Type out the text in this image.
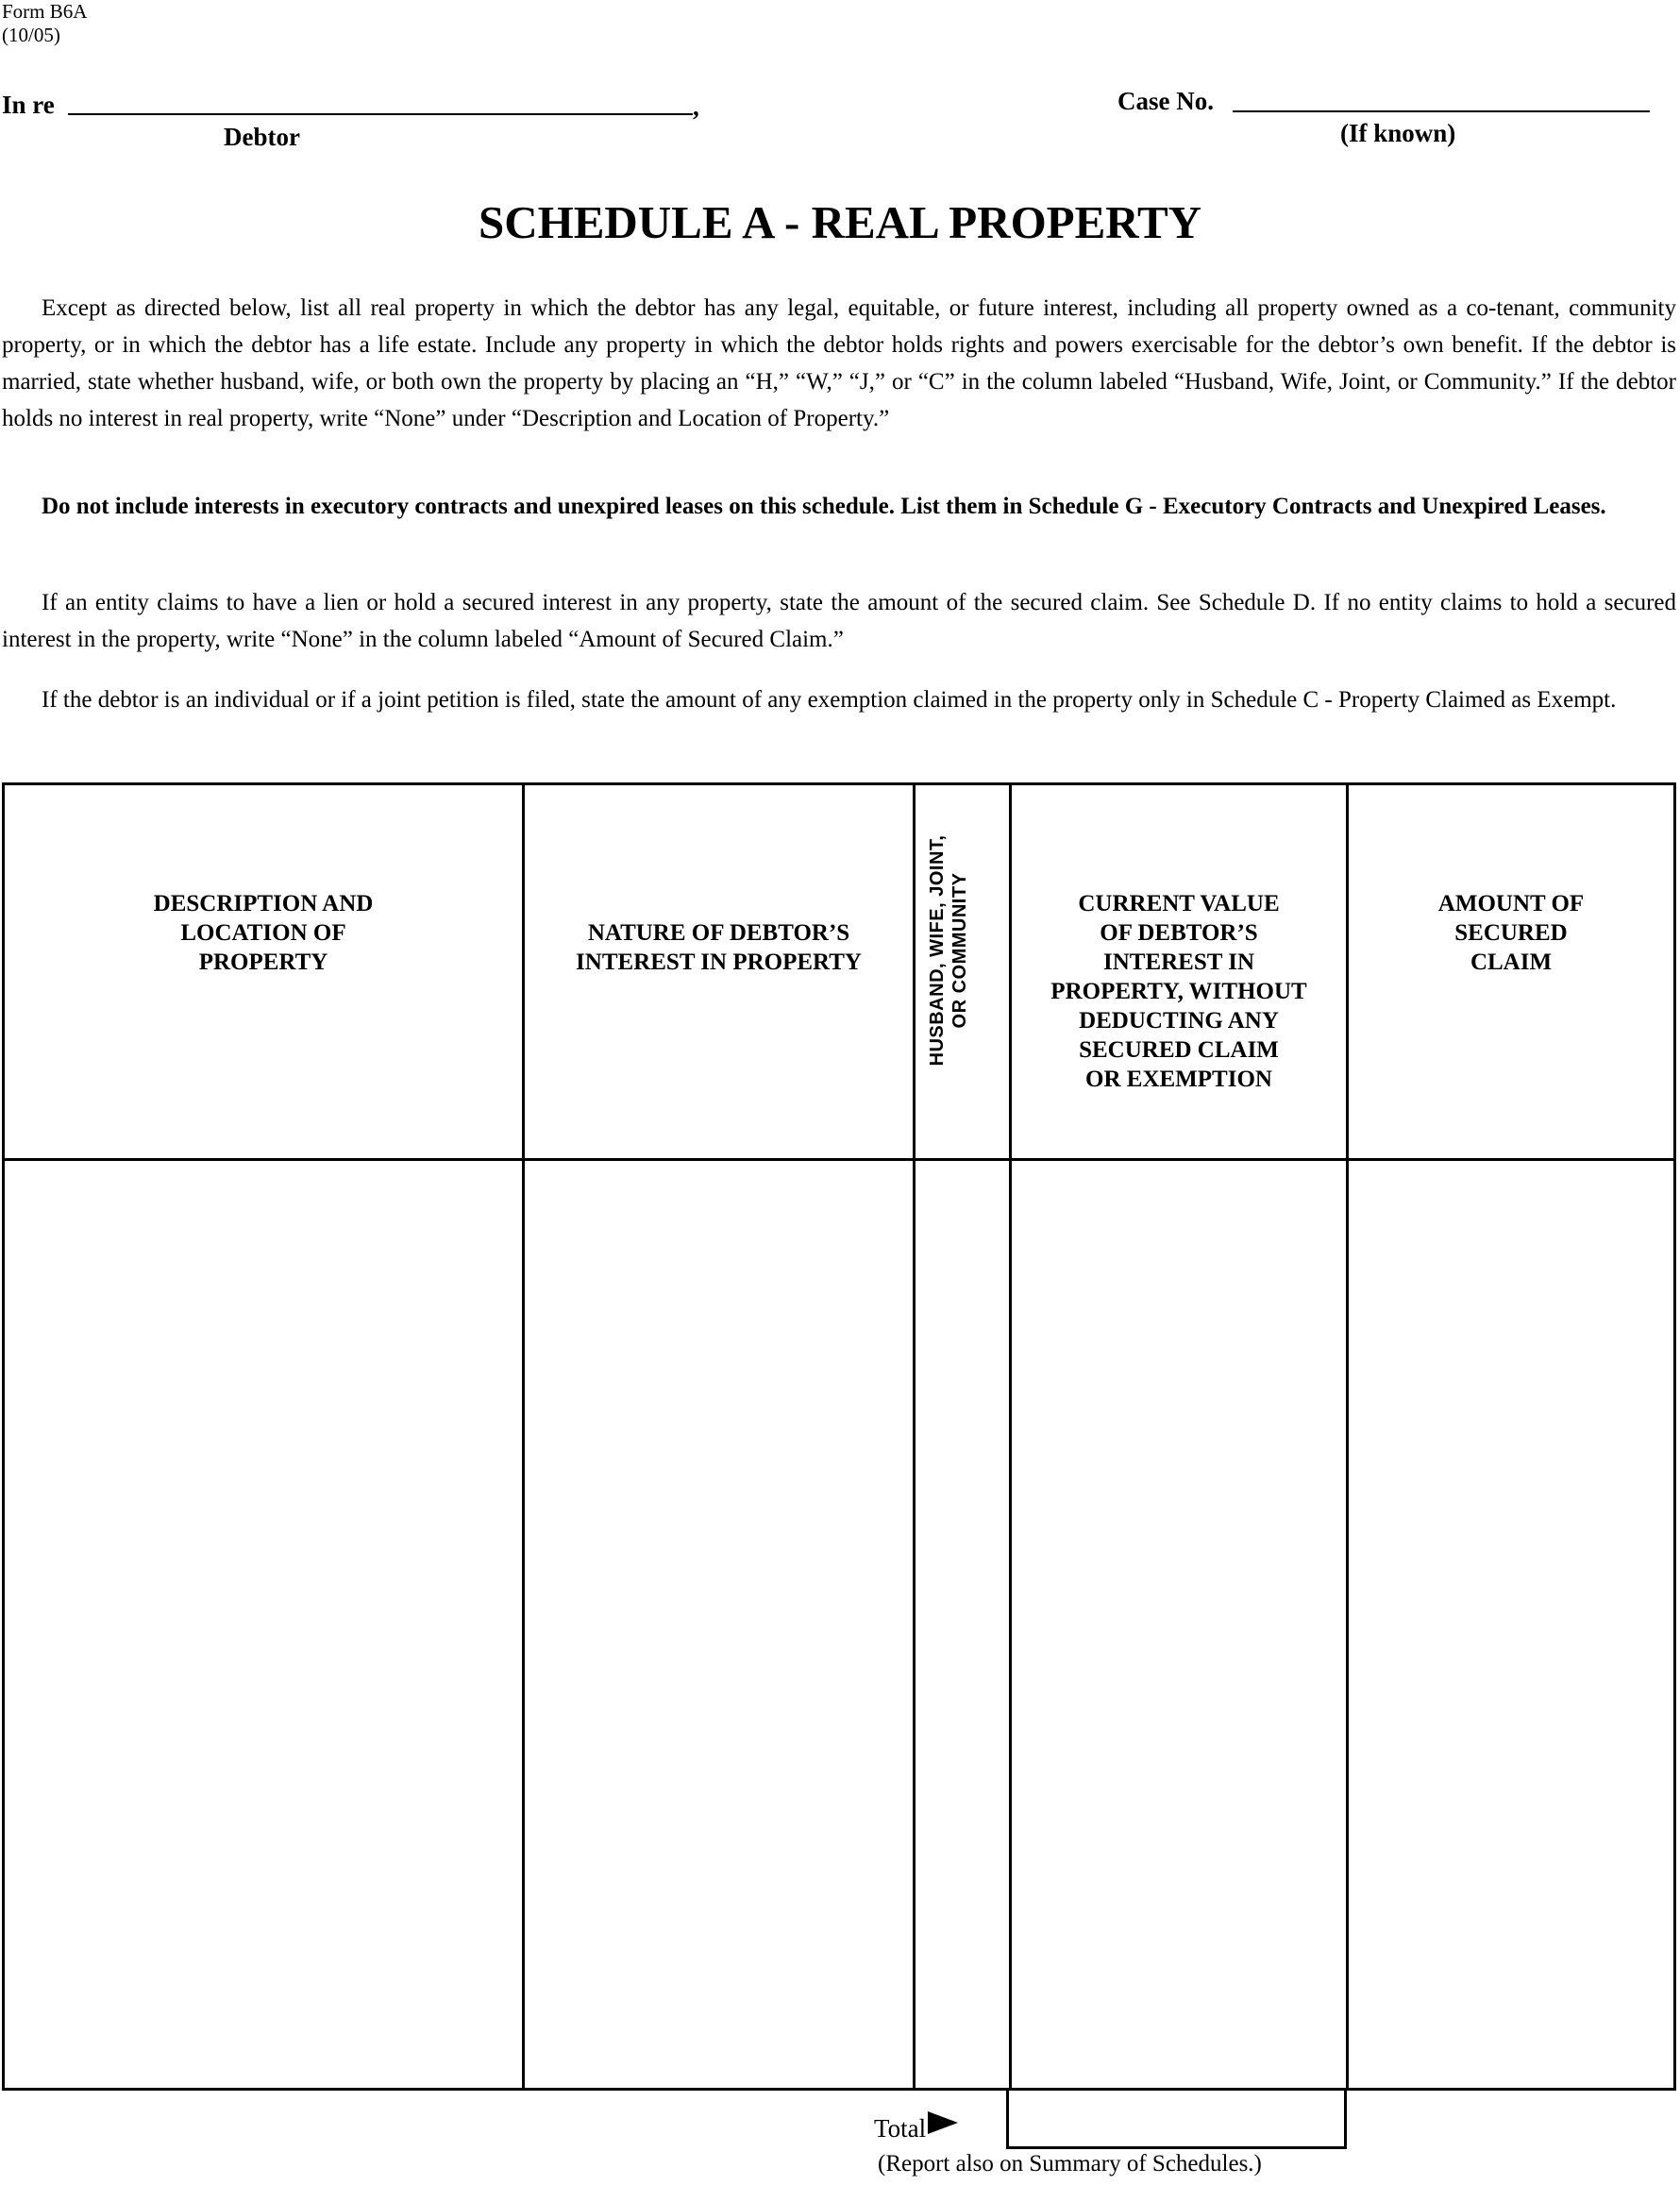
Form B6A
(10/05)
In re	,
Debtor
Case No.
(If known)
SCHEDULE A - REAL PROPERTY
Except as directed below, list all real property in which the debtor has any legal, equitable, or future interest, including all property owned as a co-tenant, community property, or in which the debtor has a life estate. Include any property in which the debtor holds rights and powers exercisable for the debtor’s own benefit. If the debtor is married, state whether husband, wife, or both own the property by placing an “H,” “W,” “J,” or “C” in the column labeled “Husband, Wife, Joint, or Community.” If the debtor holds no interest in real property, write “None” under “Description and Location of Property.”
Do not include interests in executory contracts and unexpired leases on this schedule. List them in Schedule G - Executory Contracts and Unexpired Leases.
If an entity claims to have a lien or hold a secured interest in any property, state the amount of the secured claim. See Schedule D. If no entity claims to hold a secured interest in the property, write “None” in the column labeled “Amount of Secured Claim.”
If the debtor is an individual or if a joint petition is filed, state the amount of any exemption claimed in the property only in Schedule C - Property Claimed as Exempt.
DESCRIPTION AND
LOCATION OF
PROPERTY
NATURE OF DEBTOR’S
INTEREST IN PROPERTY
CURRENT VALUE
OF DEBTOR’S
INTEREST IN
PROPERTY, WITHOUT
DEDUCTING ANY
SECURED CLAIM
OR EXEMPTION
AMOUNT OF
SECURED
CLAIM
HUSBAND, WIFE, JOINT,
OR COMMUNITY
Total
(Report also on Summary of Schedules.)
